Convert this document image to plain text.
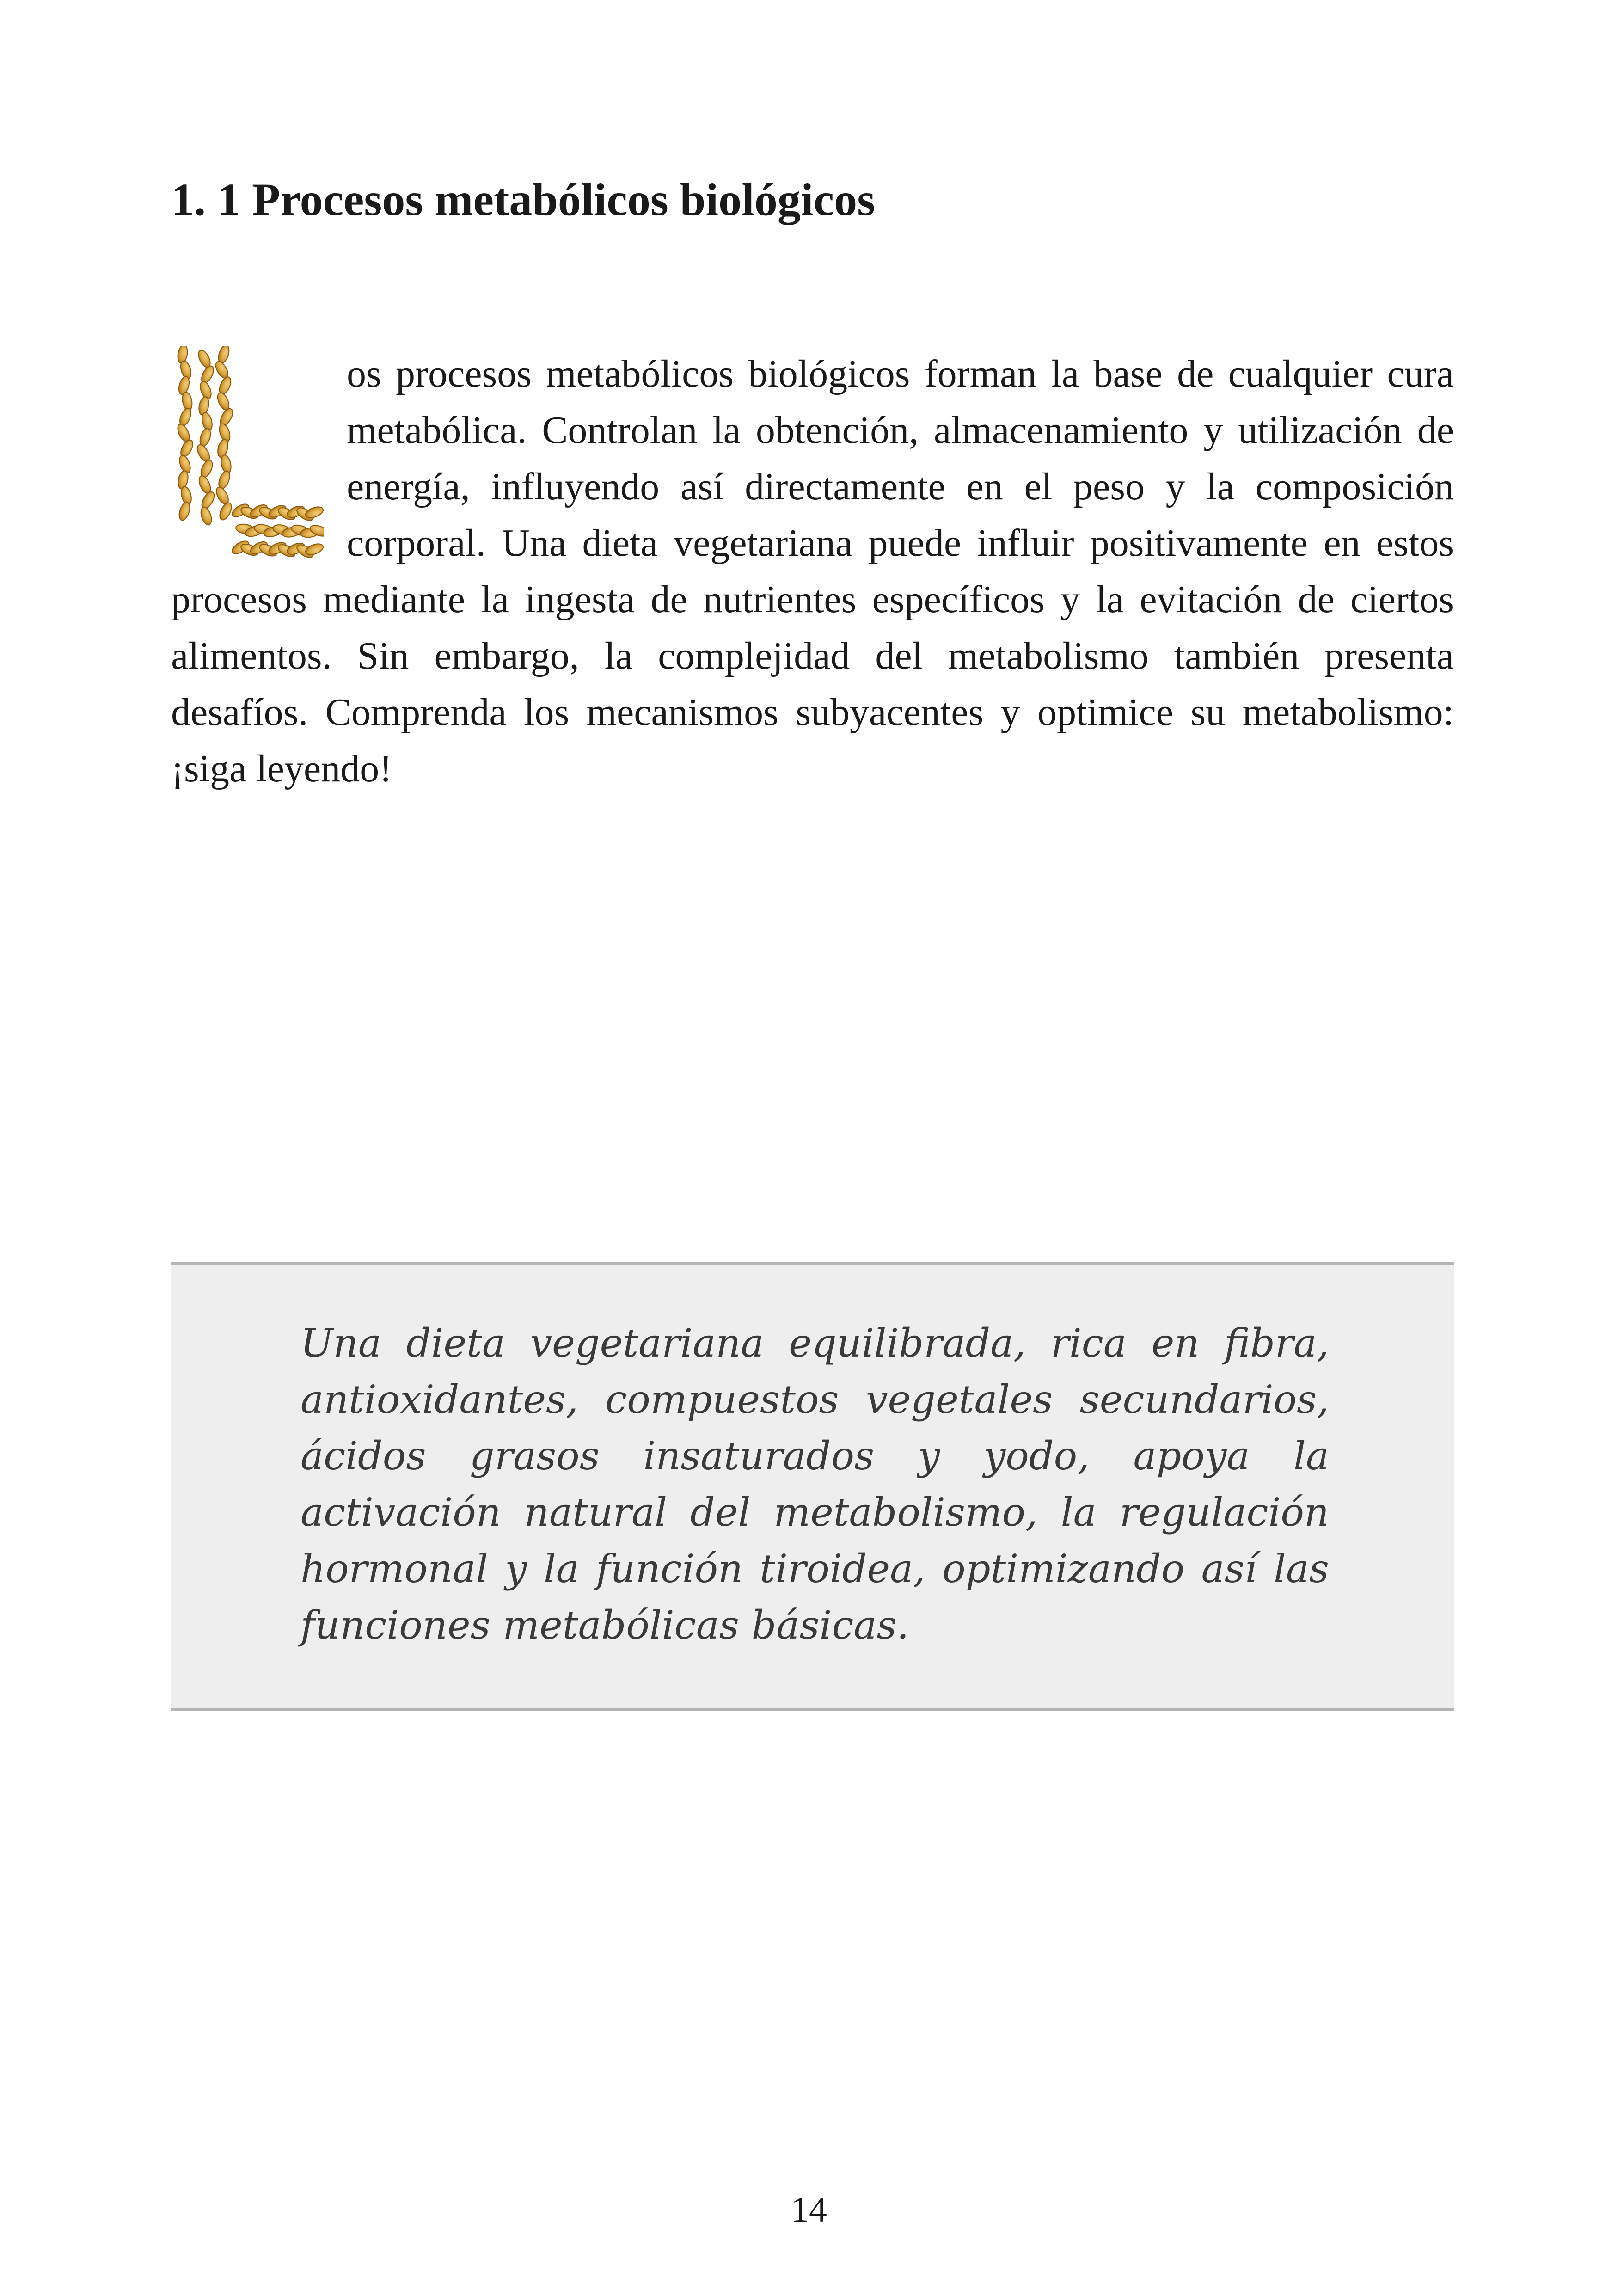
1. 1 Procesos metabólicos biológicos

os procesos metabólicos biológicos forman la base de cualquier cura metabólica. Controlan la obtención, almacenamiento y utilización de energía, influyendo así directamente en el peso y la composición corporal. Una dieta vegetariana puede influir positivamente en estos procesos mediante la ingesta de nutrientes específicos y la evitación de ciertos alimentos. Sin embargo, la complejidad del metabolismo también presenta desafíos. Comprenda los mecanismos subyacentes y optimice su metabolismo: ¡siga leyendo!

Una dieta vegetariana equilibrada, rica en fibra, antioxidantes, compuestos vegetales secundarios, ácidos grasos insaturados y yodo, apoya la activación natural del metabolismo, la regulación hormonal y la función tiroidea, optimizando así las funciones metabólicas básicas.

14
